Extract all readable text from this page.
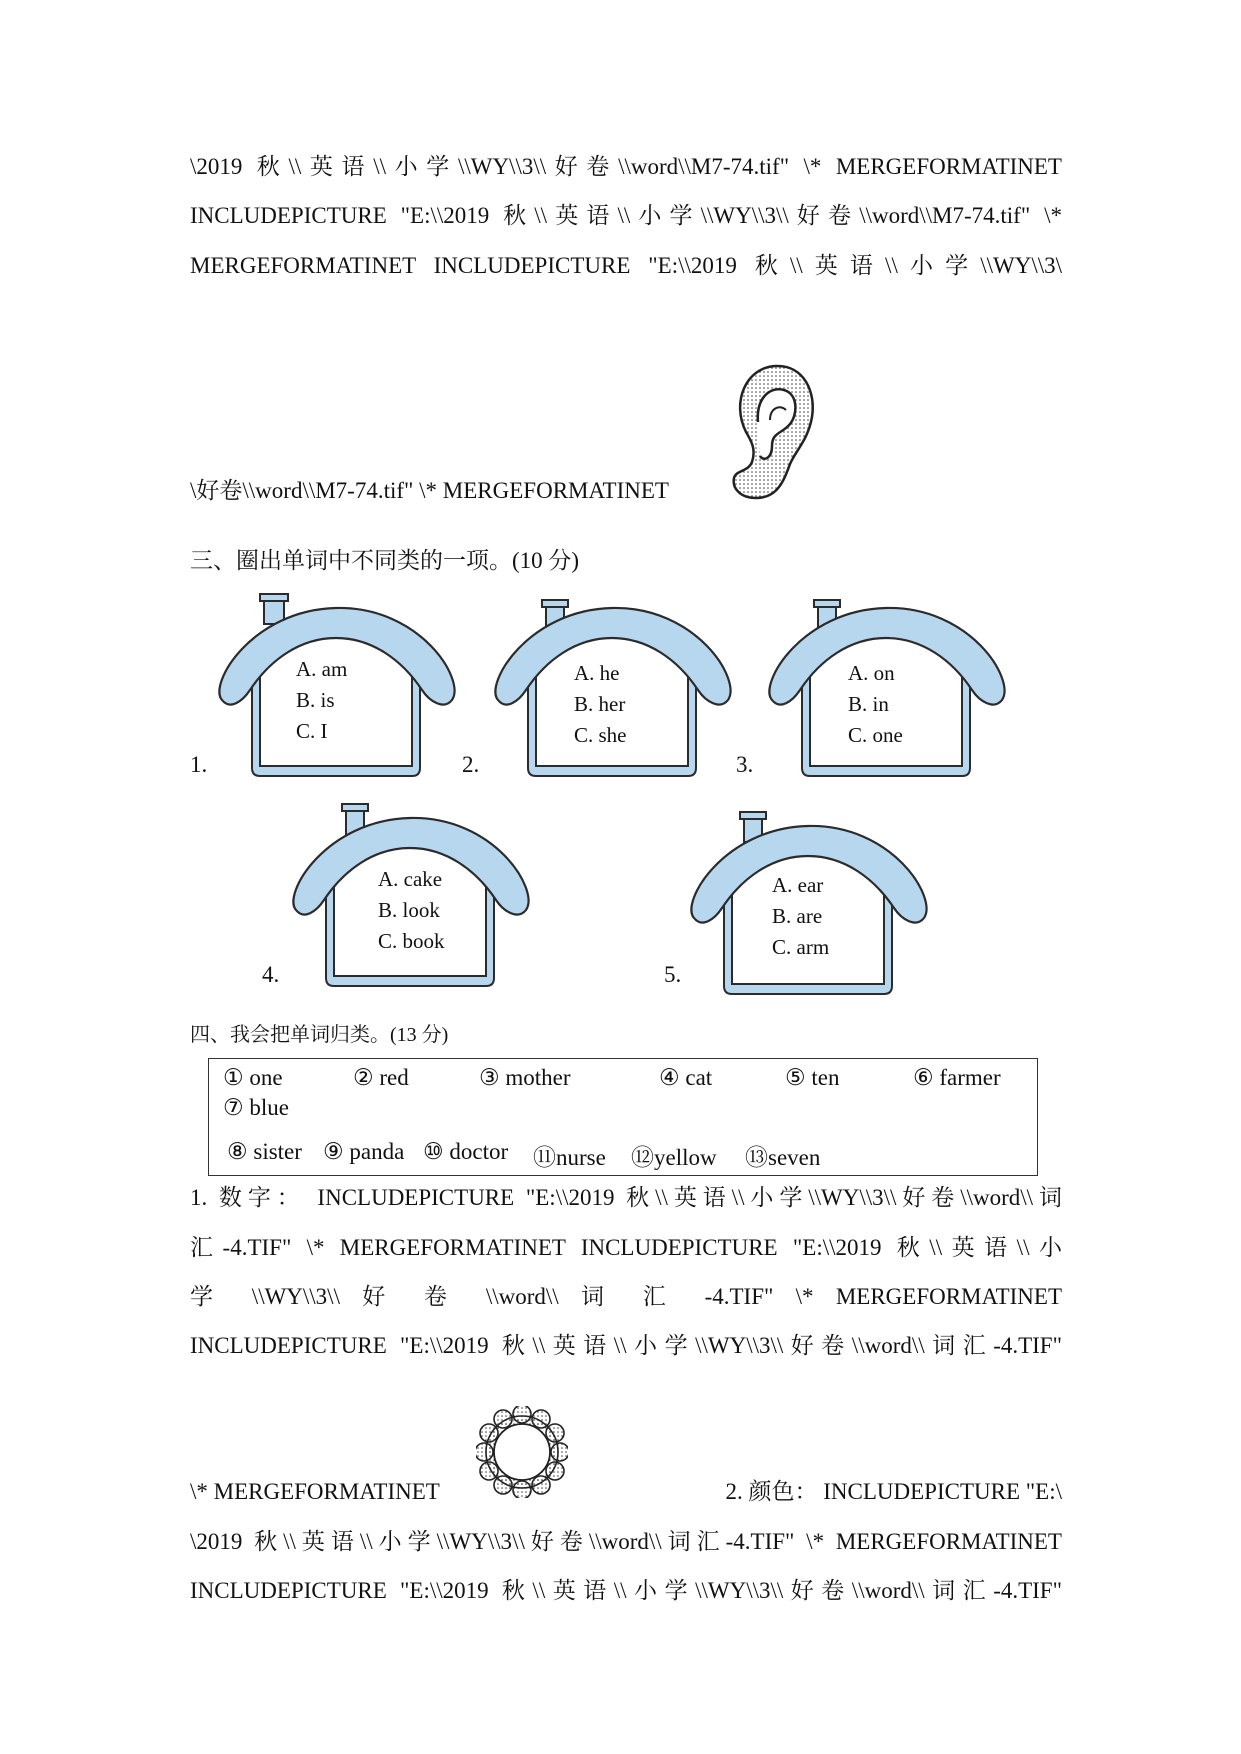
\2019 秋\\英语\\小学\\WY\\3\\好卷\\word\\M7-74.tif" \* MERGEFORMATINET
INCLUDEPICTURE "E:\\2019 秋\\英语\\小学\\WY\\3\\好卷\\word\\M7-74.tif" \*
MERGEFORMATINET INCLUDEPICTURE "E:\\2019 秋\\英语\\小学\\WY\\3\
\好卷\\word\\M7-74.tif" \* MERGEFORMATINET
三、圈出单词中不同类的一项。(10 分)
1.
A. am
B. is
C. I
2.
A. he
B. her
C. she
3.
A. on
B. in
C. one
4.
A. cake
B. look
C. book
5.
A. ear
B. are
C. arm
四、我会把单词归类。(13 分)
① one	② red	③ mother	④ cat	⑤ ten	⑥ farmer
⑦ blue
⑧ sister ⑨ panda ⑩ doctor ⑪nurse ⑫yellow ⑬seven
1. 数字： INCLUDEPICTURE "E:\\2019 秋\\英语\\小学\\WY\\3\\好卷\\word\\词
汇-4.TIF" \* MERGEFORMATINET INCLUDEPICTURE "E:\\2019 秋\\英语\\小
学 \\WY\\3\\ 好 卷 \\word\\ 词 汇 -4.TIF" \* MERGEFORMATINET
INCLUDEPICTURE "E:\\2019 秋\\英语\\小学\\WY\\3\\好卷\\word\\词汇-4.TIF"
\* MERGEFORMATINET	2. 颜色： INCLUDEPICTURE "E:\
\2019 秋\\英语\\小学\\WY\\3\\好卷\\word\\词汇-4.TIF" \* MERGEFORMATINET
INCLUDEPICTURE "E:\\2019 秋\\英语\\小学\\WY\\3\\好卷\\word\\词汇-4.TIF"
